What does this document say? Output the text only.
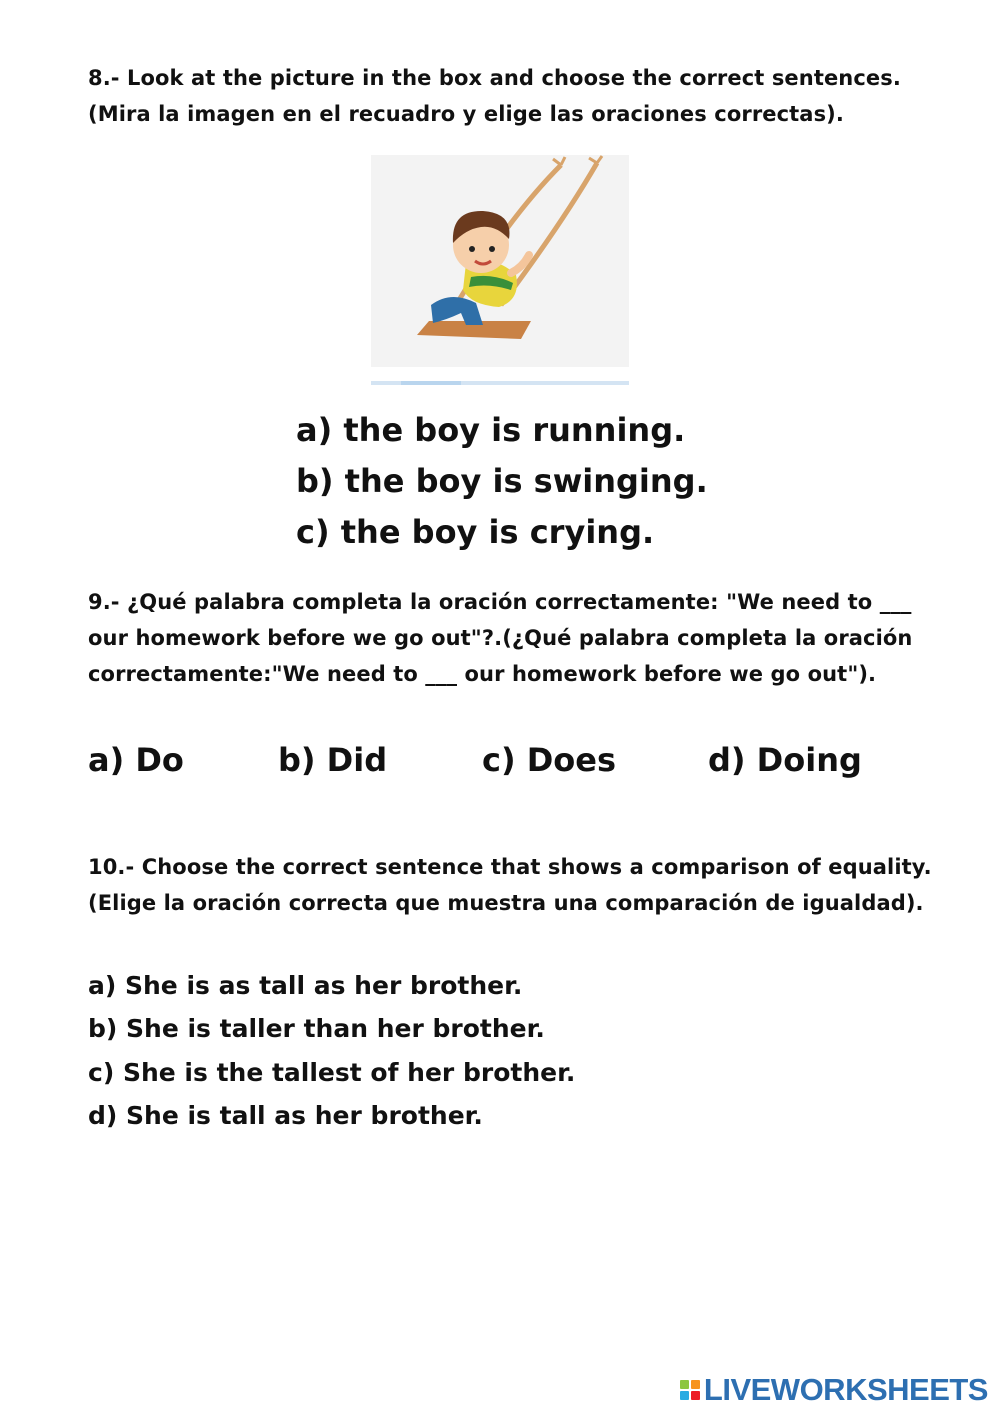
8.- Look at the picture in the box and choose the correct sentences.
(Mira la imagen en el recuadro y elige las oraciones correctas).
a) the boy is running.
b) the boy is swinging.
c) the boy is crying.
9.- ¿Qué palabra completa la oración correctamente: "We need to ___
our homework before we go out"?.(¿Qué palabra completa la oración
correctamente:"We need to ___ our homework before we go out").
a) Do	b) Did	c) Does	d) Doing
10.- Choose the correct sentence that shows a comparison of equality.
(Elige la oración correcta que muestra una comparación de igualdad).
a) She is as tall as her brother.
b) She is taller than her brother.
c) She is the tallest of her brother.
d) She is tall as her brother.
LIVEWORKSHEETS
